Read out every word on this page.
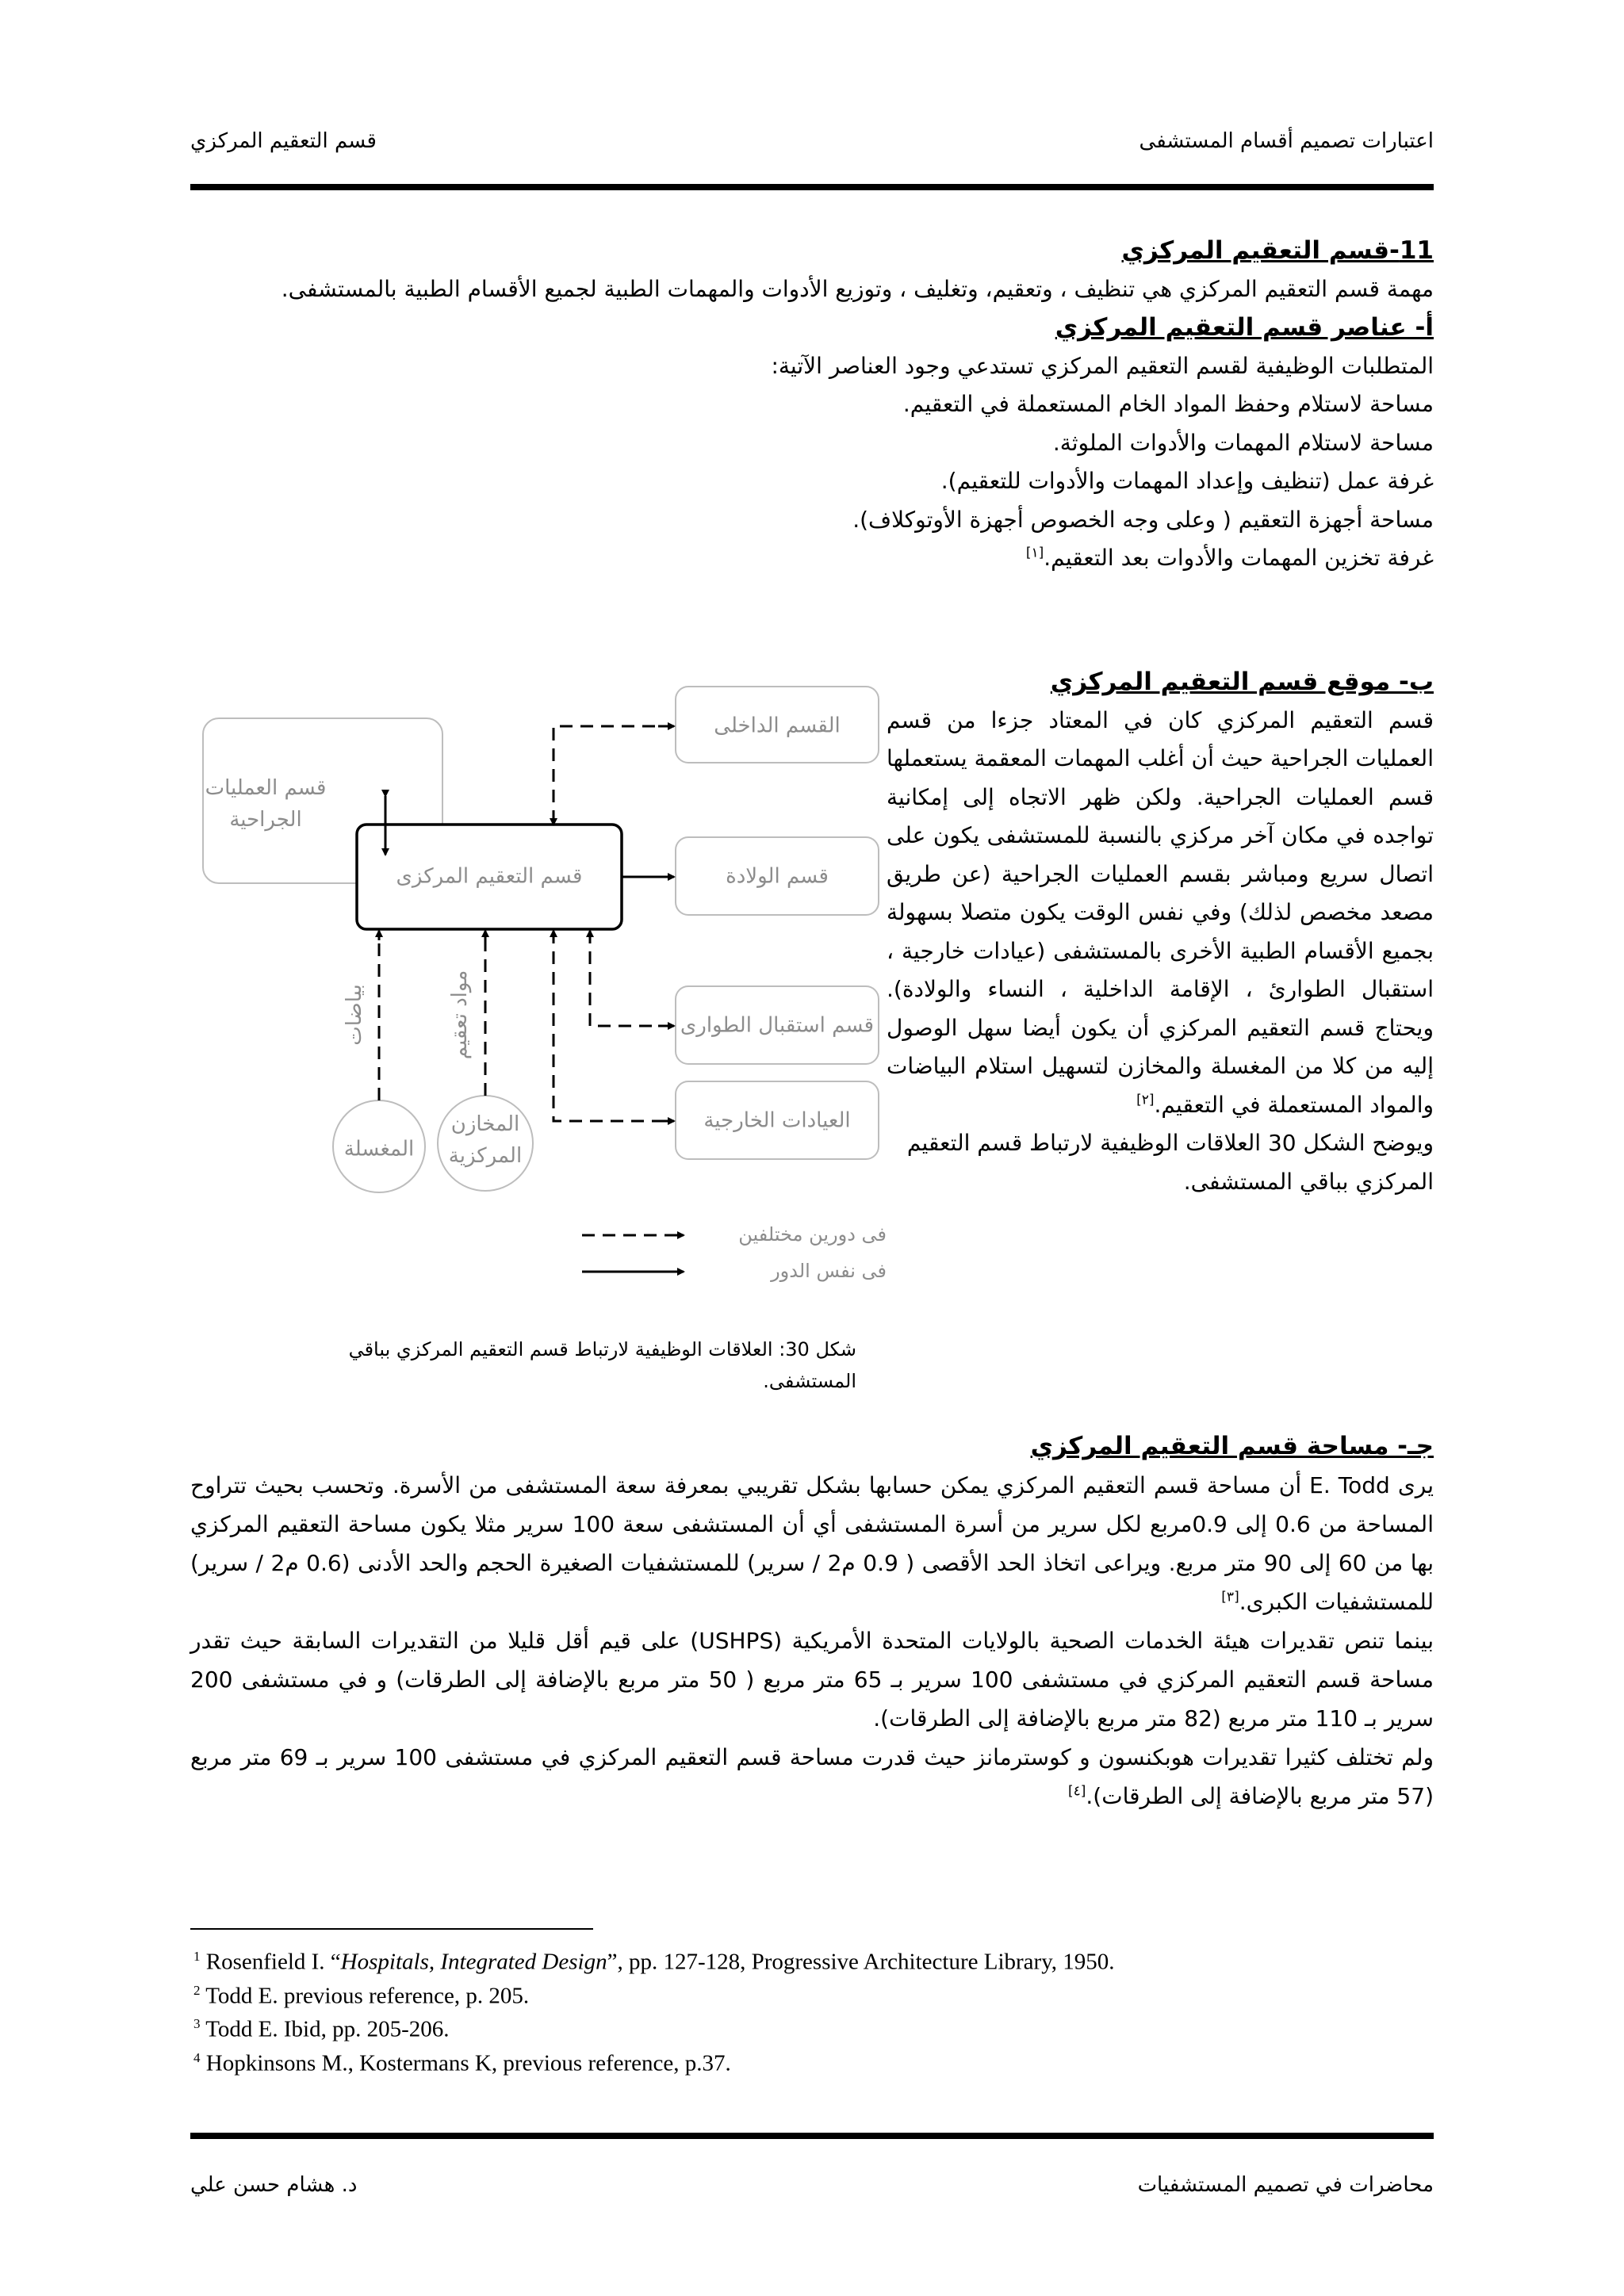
قسم التعقيم المركزي	اعتبارات تصميم أقسام المستشفى

11-قسم التعقيم المركزي

مهمة قسم التعقيم المركزي هي تنظيف ، وتعقيم، وتغليف ، وتوزيع الأدوات والمهمات الطبية لجميع الأقسام الطبية بالمستشفى.

أ- عناصر قسم التعقيم المركزي

المتطلبات الوظيفية لقسم التعقيم المركزي تستدعي وجود العناصر الآتية:

مساحة لاستلام وحفظ المواد الخام المستعملة في التعقيم.

مساحة لاستلام المهمات والأدوات الملوثة.

غرفة عمل (تنظيف وإعداد المهمات والأدوات للتعقيم).

مساحة أجهزة التعقيم ( وعلى وجه الخصوص أجهزة الأوتوكلاف).

غرفة تخزين المهمات والأدوات بعد التعقيم.[١]

ب- موقع قسم التعقيم المركزي

قسم التعقيم المركزي كان في المعتاد جزءا من قسم العمليات الجراحية حيث أن أغلب المهمات المعقمة يستعملها قسم العمليات الجراحية. ولكن ظهر الاتجاه إلى إمكانية تواجده في مكان آخر مركزي بالنسبة للمستشفى يكون على اتصال سريع ومباشر بقسم العمليات الجراحية (عن طريق مصعد مخصص لذلك) وفي نفس الوقت يكون متصلا بسهولة بجميع الأقسام الطبية الأخرى بالمستشفى (عيادات خارجية ، استقبال الطوارئ ، الإقامة الداخلية ، النساء والولادة). ويحتاج قسم التعقيم المركزي أن يكون أيضا سهل الوصول إليه من كلا من المغسلة والمخازن لتسهيل استلام البياضات والمواد المستعملة في التعقيم.[٢]

ويوضح الشكل 30 العلاقات الوظيفية لارتباط قسم التعقيم المركزي بباقي المستشفى.

قسم العمليات
الجراحية
قسم التعقيم المركزى
القسم الداخلى
قسم الولادة
قسم استقبال الطوارى
العيادات الخارجية
المغسلة
المخازن
المركزية
بياضات	مواد تعقيم
فى دورين مختلفين
فى نفس الدور
شكل 30: العلاقات الوظيفية لارتباط قسم التعقيم المركزي بباقي المستشفى.

جـ- مساحة قسم التعقيم المركزي

يرى E. Todd أن مساحة قسم التعقيم المركزي يمكن حسابها بشكل تقريبي بمعرفة سعة المستشفى من الأسرة. وتحسب بحيث تتراوح المساحة من 0.6 إلى 0.9مربع لكل سرير من أسرة المستشفى أي أن المستشفى سعة 100 سرير مثلا يكون مساحة التعقيم المركزي بها من 60 إلى 90 متر مربع. ويراعى اتخاذ الحد الأقصى ( 0.9 م2 / سرير) للمستشفيات الصغيرة الحجم والحد الأدنى (0.6 م2 / سرير) للمستشفيات الكبرى.[٣]

بينما تنص تقديرات هيئة الخدمات الصحية بالولايات المتحدة الأمريكية (USHPS) على قيم أقل قليلا من التقديرات السابقة حيث تقدر مساحة قسم التعقيم المركزي في مستشفى 100 سرير بـ 65 متر مربع ( 50 متر مربع بالإضافة إلى الطرقات) و في مستشفى 200 سرير بـ 110 متر مربع (82 متر مربع بالإضافة إلى الطرقات).

ولم تختلف كثيرا تقديرات هوبكنسون و كوسترمانز حيث قدرت مساحة قسم التعقيم المركزي في مستشفى 100 سرير بـ 69 متر مربع (57 متر مربع بالإضافة إلى الطرقات).[٤]

$^1$ Rosenfield I. “Hospitals, Integrated Design”, pp. 127-128, Progressive Architecture Library, 1950.

$^2$ Todd E. previous reference, p. 205.

$^3$ Todd E. Ibid, pp. 205-206.

$^4$ Hopkinsons M., Kostermans K, previous reference, p.37.

د. هشام حسن علي	محاضرات في تصميم المستشفيات
